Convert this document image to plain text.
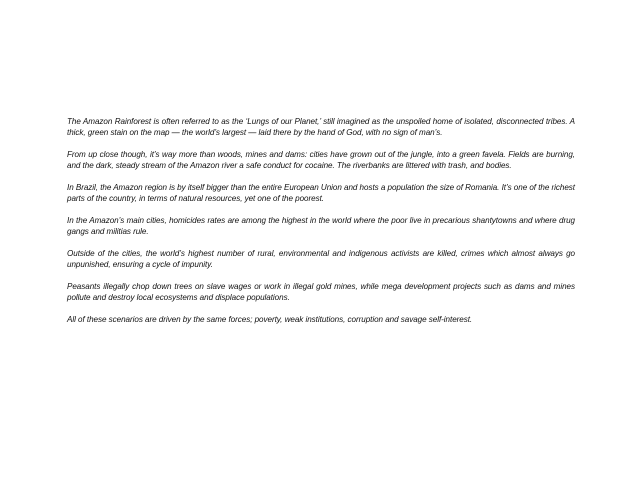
The Amazon Rainforest is often referred to as the ‘Lungs of our Planet,’ still imagined as the unspoiled home of isolated, disconnected tribes. A thick, green stain on the map — the world’s largest — laid there by the hand of God, with no sign of man’s.

From up close though, it’s way more than woods, mines and dams: cities have grown out of the jungle, into a green favela. Fields are burning, and the dark, steady stream of the Amazon river a safe conduct for cocaine. The riverbanks are littered with trash, and bodies.

In Brazil, the Amazon region is by itself bigger than the entire European Union and hosts a population the size of Romania. It’s one of the richest parts of the country, in terms of natural resources, yet one of the poorest.

In the Amazon’s main cities, homicides rates are among the highest in the world where the poor live in precarious shantytowns and where drug gangs and militias rule.

Outside of the cities, the world’s highest number of rural, environmental and indigenous activists are killed, crimes which almost always go unpunished, ensuring a cycle of impunity.

Peasants illegally chop down trees on slave wages or work in illegal gold mines, while mega development projects such as dams and mines pollute and destroy local ecosystems and displace populations.

All of these scenarios are driven by the same forces; poverty, weak institutions, corruption and savage self-interest.
